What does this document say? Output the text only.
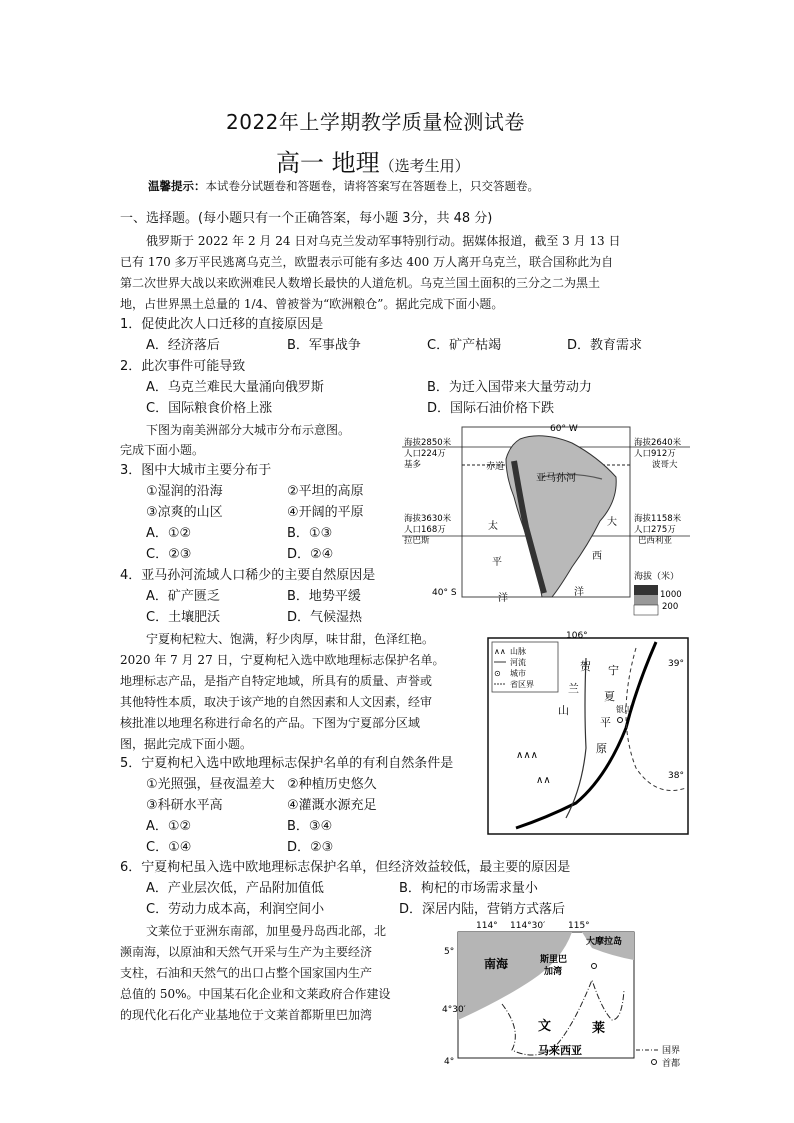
2022年上学期教学质量检测试卷
高一 地理（选考生用）
温馨提示：本试卷分试题卷和答题卷，请将答案写在答题卷上，只交答题卷。
一、选择题。(每小题只有一个正确答案，每小题 3分，共 48 分)
俄罗斯于 2022 年 2 月 24 日对乌克兰发动军事特别行动。据媒体报道，截至 3 月 13 日
已有 170 多万平民逃离乌克兰，欧盟表示可能有多达 400 万人离开乌克兰，联合国称此为自
第二次世界大战以来欧洲难民人数增长最快的人道危机。乌克兰国土面积的三分之二为黑土
地，占世界黑土总量的 1/4、曾被誉为“欧洲粮仓”。据此完成下面小题。
1．促使此次人口迁移的直接原因是
A．经济落后	B．军事战争	C．矿产枯竭	D．教育需求
2．此次事件可能导致
A．乌克兰难民大量涌向俄罗斯	B．为迁入国带来大量劳动力
C．国际粮食价格上涨	D．国际石油价格下跌
下图为南美洲部分大城市分布示意图。
完成下面小题。
3．图中大城市主要分布于
①湿润的沿海	②平坦的高原
③凉爽的山区	④开阔的平原
A．①②	B．①③
C．②③	D．②④
4．亚马孙河流域人口稀少的主要自然原因是
A．矿产匮乏	B．地势平缓
C．土壤肥沃	D．气候湿热
宁夏枸杞粒大、饱满，籽少肉厚，味甘甜，色泽红艳。
2020 年 7 月 27 日，宁夏枸杞入选中欧地理标志保护名单。
地理标志产品，是指产自特定地域，所具有的质量、声誉或
其他特性本质，取决于该产地的自然因素和人文因素，经审
核批准以地理名称进行命名的产品。下图为宁夏部分区域
图，据此完成下面小题。
5．宁夏枸杞入选中欧地理标志保护名单的有利自然条件是
①光照强，昼夜温差大 ②种植历史悠久
③科研水平高	④灌溉水源充足
A．①②	B．③④
C．①④	D．②③
6．宁夏枸杞虽入选中欧地理标志保护名单，但经济效益较低，最主要的原因是
A．产业层次低，产品附加值低	B．枸杞的市场需求量小
C．劳动力成本高，利润空间小	D．深居内陆，营销方式落后
文莱位于亚洲东南部，加里曼丹岛西北部，北
濒南海，以原油和天然气开采与生产为主要经济
支柱，石油和天然气的出口占整个国家国内生产
总值的 50%。中国某石化企业和文莱政府合作建设
的现代化石化产业基地位于文莱首都斯里巴加湾
60° W
赤道
亚马孙河
太
平
洋
大
西
洋
海拔2850米
人口224万
基多
海拔3630米
人口168万
拉巴斯
海拔2640米
人口912万
波哥大
海拔1158米
人口275万
巴西利亚
40° S
海拔（米）
1000
200
山脉
河流
城市
省区界
∧∧
⊙
106°
39°
38°
贺
兰
山
宁
夏
平
原
银川
∧∧∧
∧∧
114° 114°30′	115°
5°
4°30′
4°
南海
大摩拉岛
斯里巴
加湾
文	莱
马来西亚	国界
首都
